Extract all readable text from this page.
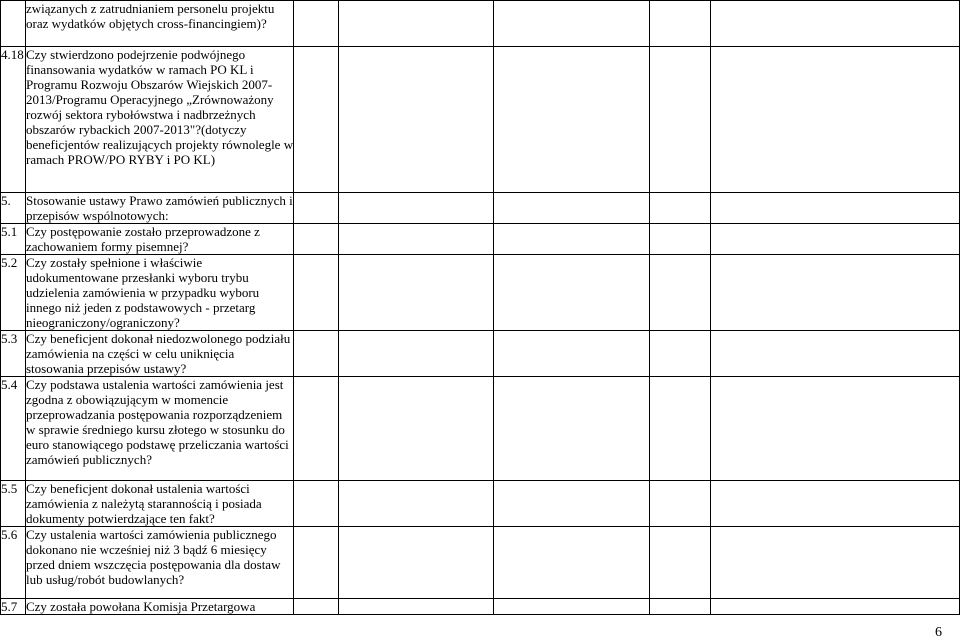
	związanych z zatrudnianiem personelu projektu oraz wydatków objętych cross-financingiem)?					
4.18	Czy stwierdzono podejrzenie podwójnego finansowania wydatków w ramach PO KL i Programu Rozwoju Obszarów Wiejskich 2007-2013/Programu Operacyjnego „Zrównoważony rozwój sektora rybołówstwa i nadbrzeżnych obszarów rybackich 2007-2013"?(dotyczy beneficjentów realizujących projekty równolegle w ramach PROW/PO RYBY i PO KL)					
5.	Stosowanie ustawy Prawo zamówień publicznych i przepisów wspólnotowych:					
5.1	Czy postępowanie zostało przeprowadzone z zachowaniem formy pisemnej?					
5.2	Czy zostały spełnione i właściwie udokumentowane przesłanki wyboru trybu udzielenia zamówienia w przypadku wyboru innego niż jeden z podstawowych - przetarg nieograniczony/ograniczony?					
5.3	Czy beneficjent dokonał niedozwolonego podziału zamówienia na części w celu uniknięcia stosowania przepisów ustawy?					
5.4	Czy podstawa ustalenia wartości zamówienia jest zgodna z obowiązującym w momencie przeprowadzania postępowania rozporządzeniem w sprawie średniego kursu złotego w stosunku do euro stanowiącego podstawę przeliczania wartości zamówień publicznych?					
5.5	Czy beneficjent dokonał ustalenia wartości zamówienia z należytą starannością i posiada dokumenty potwierdzające ten fakt?					
5.6	Czy ustalenia wartości zamówienia publicznego dokonano nie wcześniej niż 3 bądź 6 miesięcy przed dniem wszczęcia postępowania dla dostaw lub usług/robót budowlanych?					
5.7	Czy została powołana Komisja Przetargowa					
6
